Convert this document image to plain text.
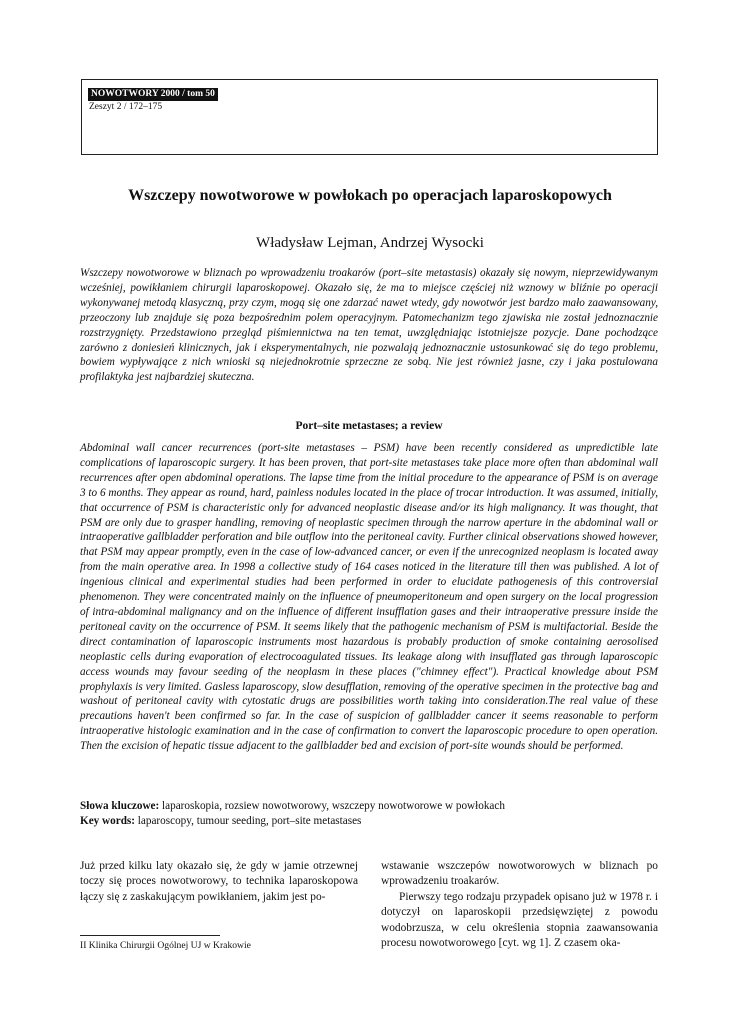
NOWOTWORY 2000 / tom 50
Zeszyt 2 / 172–175
Wszczepy nowotworowe w powłokach po operacjach laparoskopowych
Władysław Lejman, Andrzej Wysocki
Wszczepy nowotworowe w bliznach po wprowadzeniu troakarów (port–site metastasis) okazały się nowym, nieprzewidywanym wcześniej, powikłaniem chirurgii laparoskopowej. Okazało się, że ma to miejsce częściej niż wznowy w bliźnie po operacji wykonywanej metodą klasyczną, przy czym, mogą się one zdarzać nawet wtedy, gdy nowotwór jest bardzo mało zaawansowany, przeoczony lub znajduje się poza bezpośrednim polem operacyjnym. Patomechanizm tego zjawiska nie został jednoznacznie rozstrzygnięty. Przedstawiono przegląd piśmiennictwa na ten temat, uwzględniając istotniejsze pozycje. Dane pochodzące zarówno z doniesień klinicznych, jak i eksperymentalnych, nie pozwalają jednoznacznie ustosunkować się do tego problemu, bowiem wypływające z nich wnioski są niejednokrotnie sprzeczne ze sobą. Nie jest również jasne, czy i jaka postulowana profilaktyka jest najbardziej skuteczna.
Port–site metastases; a review
Abdominal wall cancer recurrences (port-site metastases – PSM) have been recently considered as unpredictible late complications of laparoscopic surgery. It has been proven, that port-site metastases take place more often than abdominal wall recurrences after open abdominal operations. The lapse time from the initial procedure to the appearance of PSM is on average 3 to 6 months. They appear as round, hard, painless nodules located in the place of trocar introduction. It was assumed, initially, that occurrence of PSM is characteristic only for advanced neoplastic disease and/or its high malignancy. It was thought, that PSM are only due to grasper handling, removing of neoplastic specimen through the narrow aperture in the abdominal wall or intraoperative gallbladder perforation and bile outflow into the peritoneal cavity. Further clinical observations showed however, that PSM may appear promptly, even in the case of low-advanced cancer, or even if the unrecognized neoplasm is located away from the main operative area. In 1998 a collective study of 164 cases noticed in the literature till then was published. A lot of ingenious clinical and experimental studies had been performed in order to elucidate pathogenesis of this controversial phenomenon. They were concentrated mainly on the influence of pneumoperitoneum and open surgery on the local progression of intra-abdominal malignancy and on the influence of different insufflation gases and their intraoperative pressure inside the peritoneal cavity on the occurrence of PSM. It seems likely that the pathogenic mechanism of PSM is multifactorial. Beside the direct contamination of laparoscopic instruments most hazardous is probably production of smoke containing aerosolised neoplastic cells during evaporation of electrocoagulated tissues. Its leakage along with insufflated gas through laparoscopic access wounds may favour seeding of the neoplasm in these places ("chimney effect"). Practical knowledge about PSM prophylaxis is very limited. Gasless laparoscopy, slow desufflation, removing of the operative specimen in the protective bag and washout of peritoneal cavity with cytostatic drugs are possibilities worth taking into consideration.The real value of these precautions haven't been confirmed so far. In the case of suspicion of gallbladder cancer it seems reasonable to perform intraoperative histologic examination and in the case of confirmation to convert the laparoscopic procedure to open operation. Then the excision of hepatic tissue adjacent to the gallbladder bed and excision of port-site wounds should be performed.
Słowa kluczowe: laparoskopia, rozsiew nowotworowy, wszczepy nowotworowe w powłokach
Key words: laparoscopy, tumour seeding, port–site metastases

Już przed kilku laty okazało się, że gdy w jamie otrzewnej toczy się proces nowotworowy, to technika laparoskopowa łączy się z zaskakującym powikłaniem, jakim jest po-

wstawanie wszczepów nowotworowych w bliznach po wprowadzeniu troakarów.

Pierwszy tego rodzaju przypadek opisano już w 1978 r. i dotyczył on laparoskopii przedsięwziętej z powodu wodobrzusza, w celu określenia stopnia zaawansowania procesu nowotworowego [cyt. wg 1]. Z czasem oka-

II Klinika Chirurgii Ogólnej UJ w Krakowie
